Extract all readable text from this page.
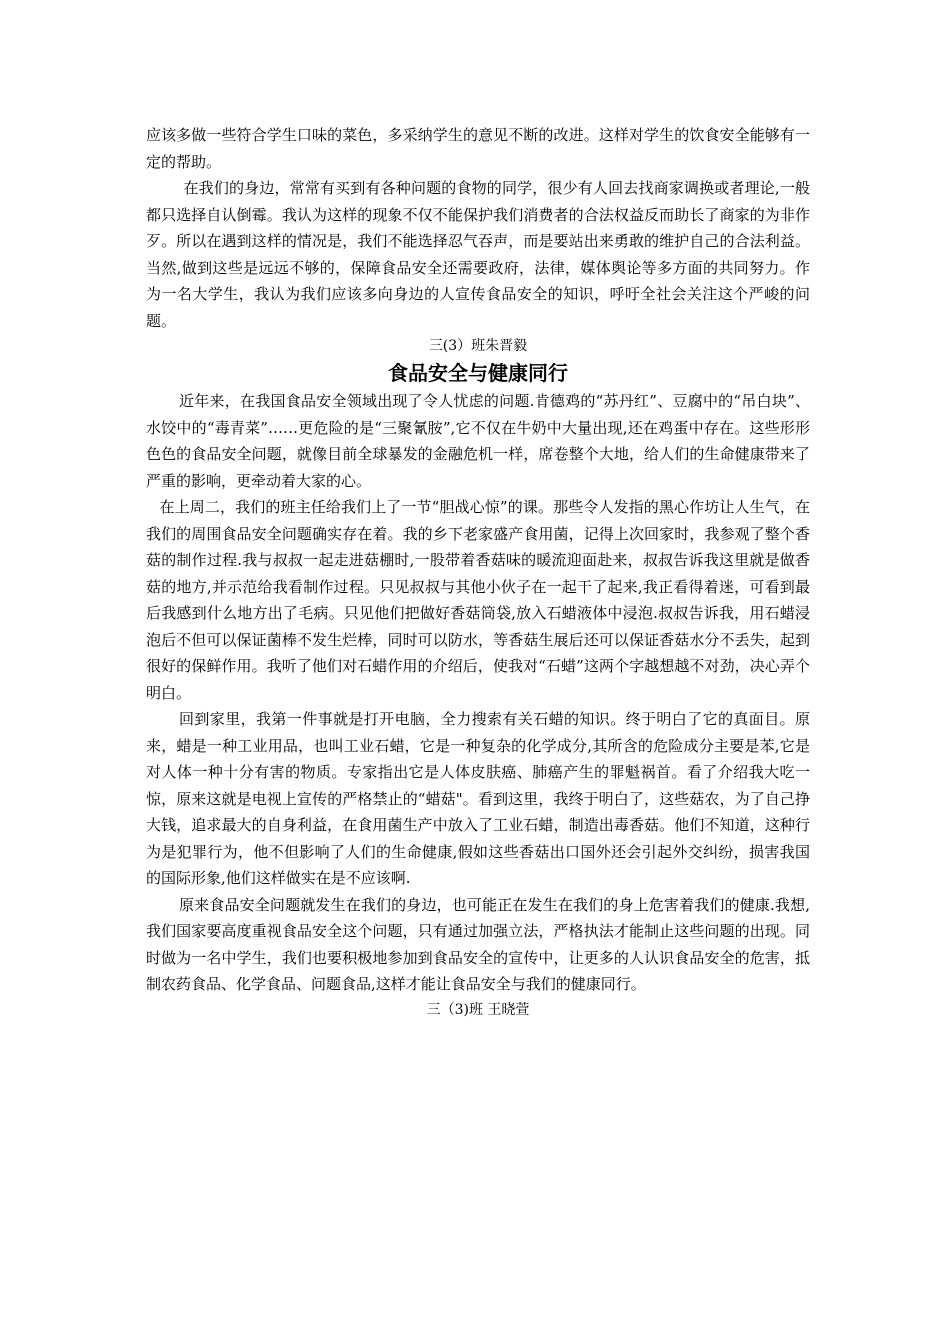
应该多做一些符合学生口味的菜色，多采纳学生的意见不断的改进。这样对学生的饮食安全能够有一定的帮助。

在我们的身边，常常有买到有各种问题的食物的同学，很少有人回去找商家调换或者理论,一般都只选择自认倒霉。我认为这样的现象不仅不能保护我们消费者的合法权益反而助长了商家的为非作歹。所以在遇到这样的情况是，我们不能选择忍气吞声，而是要站出来勇敢的维护自己的合法利益。 当然,做到这些是远远不够的，保障食品安全还需要政府，法律，媒体舆论等多方面的共同努力。作为一名大学生，我认为我们应该多向身边的人宣传食品安全的知识，呼吁全社会关注这个严峻的问题。

三(3）班朱晋毅

食品安全与健康同行

近年来，在我国食品安全领域出现了令人忧虑的问题.肯德鸡的“苏丹红”、豆腐中的“吊白块”、水饺中的“毒青菜”……更危险的是“三聚氰胺”,它不仅在牛奶中大量出现,还在鸡蛋中存在。这些形形色色的食品安全问题，就像目前全球暴发的金融危机一样，席卷整个大地，给人们的生命健康带来了严重的影响，更牵动着大家的心。

在上周二，我们的班主任给我们上了一节“胆战心惊”的课。那些令人发指的黑心作坊让人生气，在我们的周围食品安全问题确实存在着。我的乡下老家盛产食用菌，记得上次回家时，我参观了整个香菇的制作过程.我与叔叔一起走进菇棚时,一股带着香菇味的暖流迎面赴来，叔叔告诉我这里就是做香菇的地方,并示范给我看制作过程。只见叔叔与其他小伙子在一起干了起来,我正看得着迷，可看到最后我感到什么地方出了毛病。只见他们把做好香菇筒袋,放入石蜡液体中浸泡.叔叔告诉我，用石蜡浸泡后不但可以保证菌棒不发生烂棒，同时可以防水，等香菇生展后还可以保证香菇水分不丢失，起到很好的保鲜作用。我听了他们对石蜡作用的介绍后，使我对“石蜡”这两个字越想越不对劲，决心弄个明白。

回到家里，我第一件事就是打开电脑，全力搜索有关石蜡的知识。终于明白了它的真面目。原来，蜡是一种工业用品，也叫工业石蜡，它是一种复杂的化学成分,其所含的危险成分主要是苯,它是对人体一种十分有害的物质。专家指出它是人体皮肤癌、肺癌产生的罪魁祸首。看了介绍我大吃一惊，原来这就是电视上宣传的严格禁止的“蜡菇"。看到这里，我终于明白了，这些菇农，为了自己挣大钱，追求最大的自身利益，在食用菌生产中放入了工业石蜡，制造出毒香菇。他们不知道，这种行为是犯罪行为，他不但影响了人们的生命健康,假如这些香菇出口国外还会引起外交纠纷，损害我国的国际形象,他们这样做实在是不应该啊.

原来食品安全问题就发生在我们的身边，也可能正在发生在我们的身上危害着我们的健康.我想,我们国家要高度重视食品安全这个问题，只有通过加强立法，严格执法才能制止这些问题的出现。同时做为一名中学生，我们也要积极地参加到食品安全的宣传中，让更多的人认识食品安全的危害，抵制农药食品、化学食品、问题食品,这样才能让食品安全与我们的健康同行。

三（3)班 王晓萱
